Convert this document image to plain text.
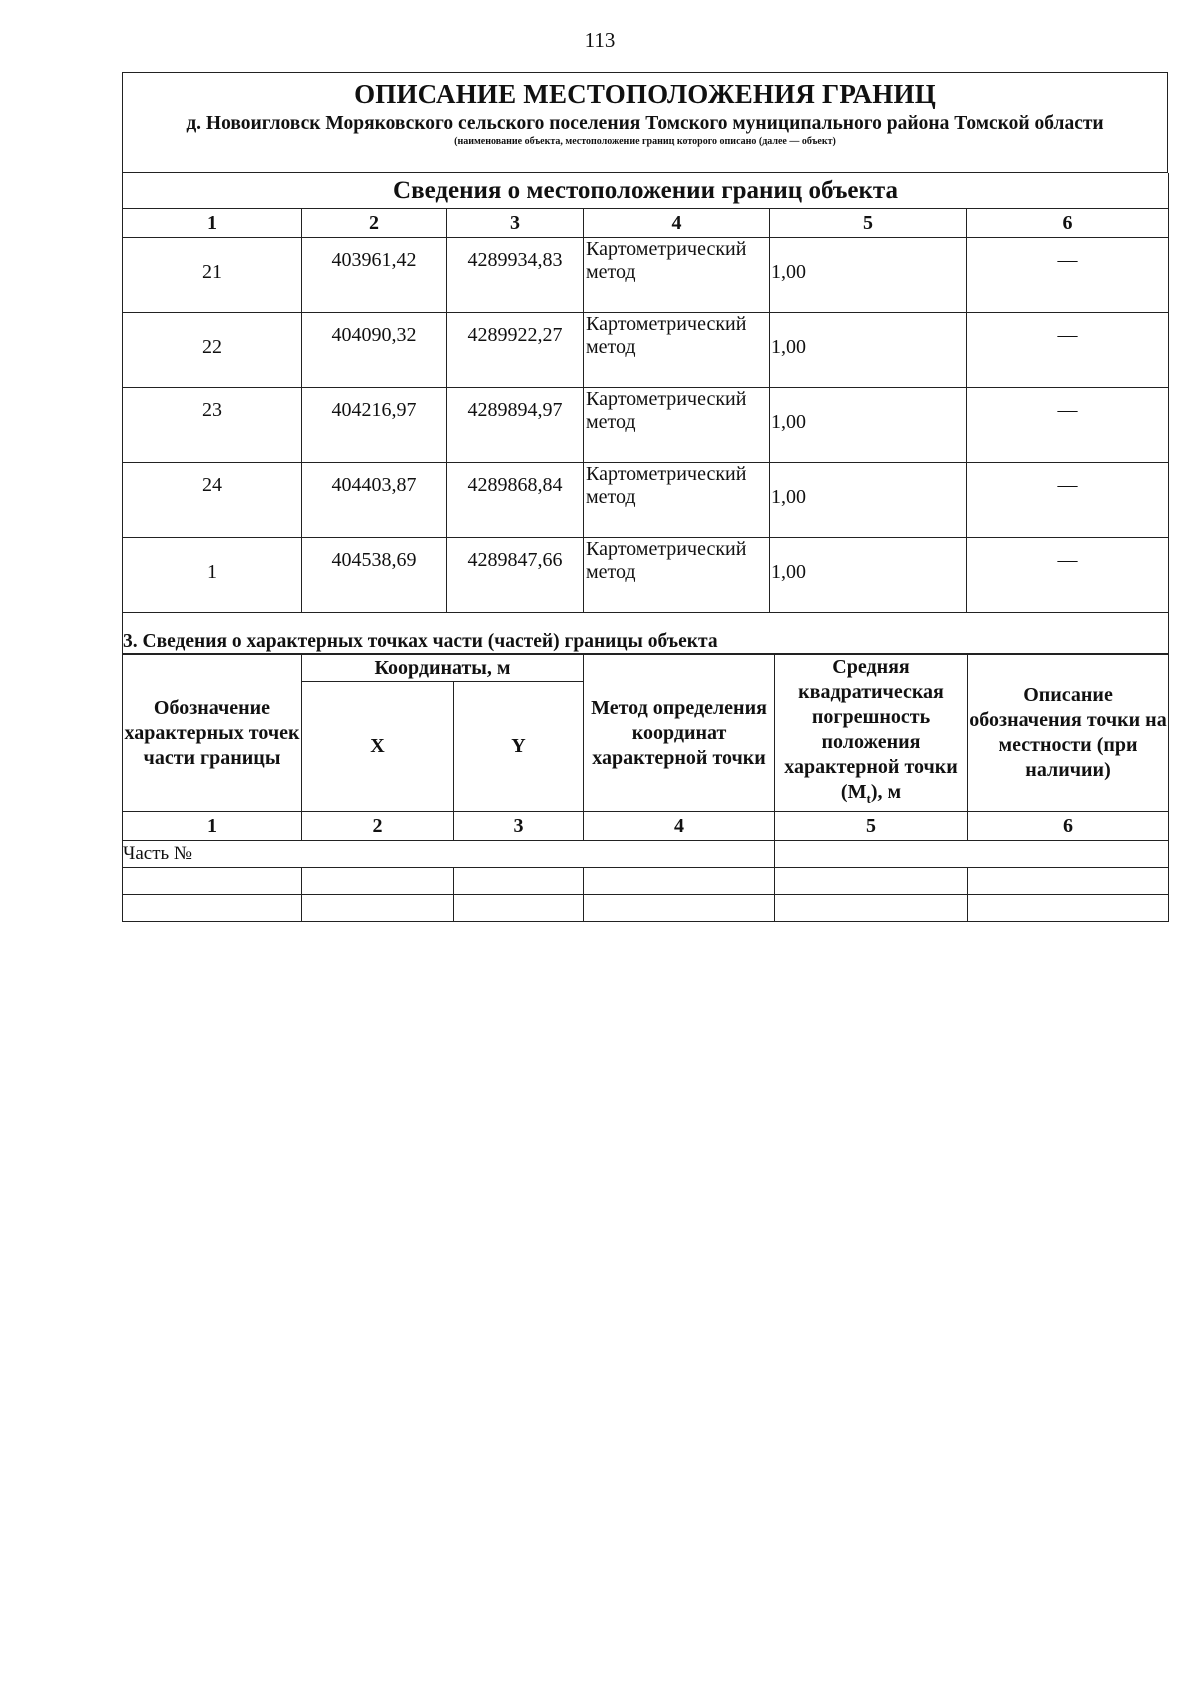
113
ОПИСАНИЕ МЕСТОПОЛОЖЕНИЯ ГРАНИЦ
д. Новоигловск Моряковского сельского поселения Томского муниципального района Томской области
(наименование объекта, местоположение границ которого описано (далее — объект)
Сведения о местоположении границ объекта					
1	2	3	4	5	6
21	403961,42	4289934,83	Картометрический метод	1,00	—
22	404090,32	4289922,27	Картометрический метод	1,00	—
23	404216,97	4289894,97	Картометрический метод	1,00	—
24	404403,87	4289868,84	Картометрический метод	1,00	—
1	404538,69	4289847,66	Картометрический метод	1,00	—
3. Сведения о характерных точках части (частей) границы объекта					
Обозначение характерных точек части границы	Координаты, м		Метод определения координат характерной точки	Средняя квадратическая погрешность положения характерной точки $(M_t)$, м	Описание обозначения точки на местности (при наличии)
	X	Y			
1	2	3	4	5	6
Часть №					
